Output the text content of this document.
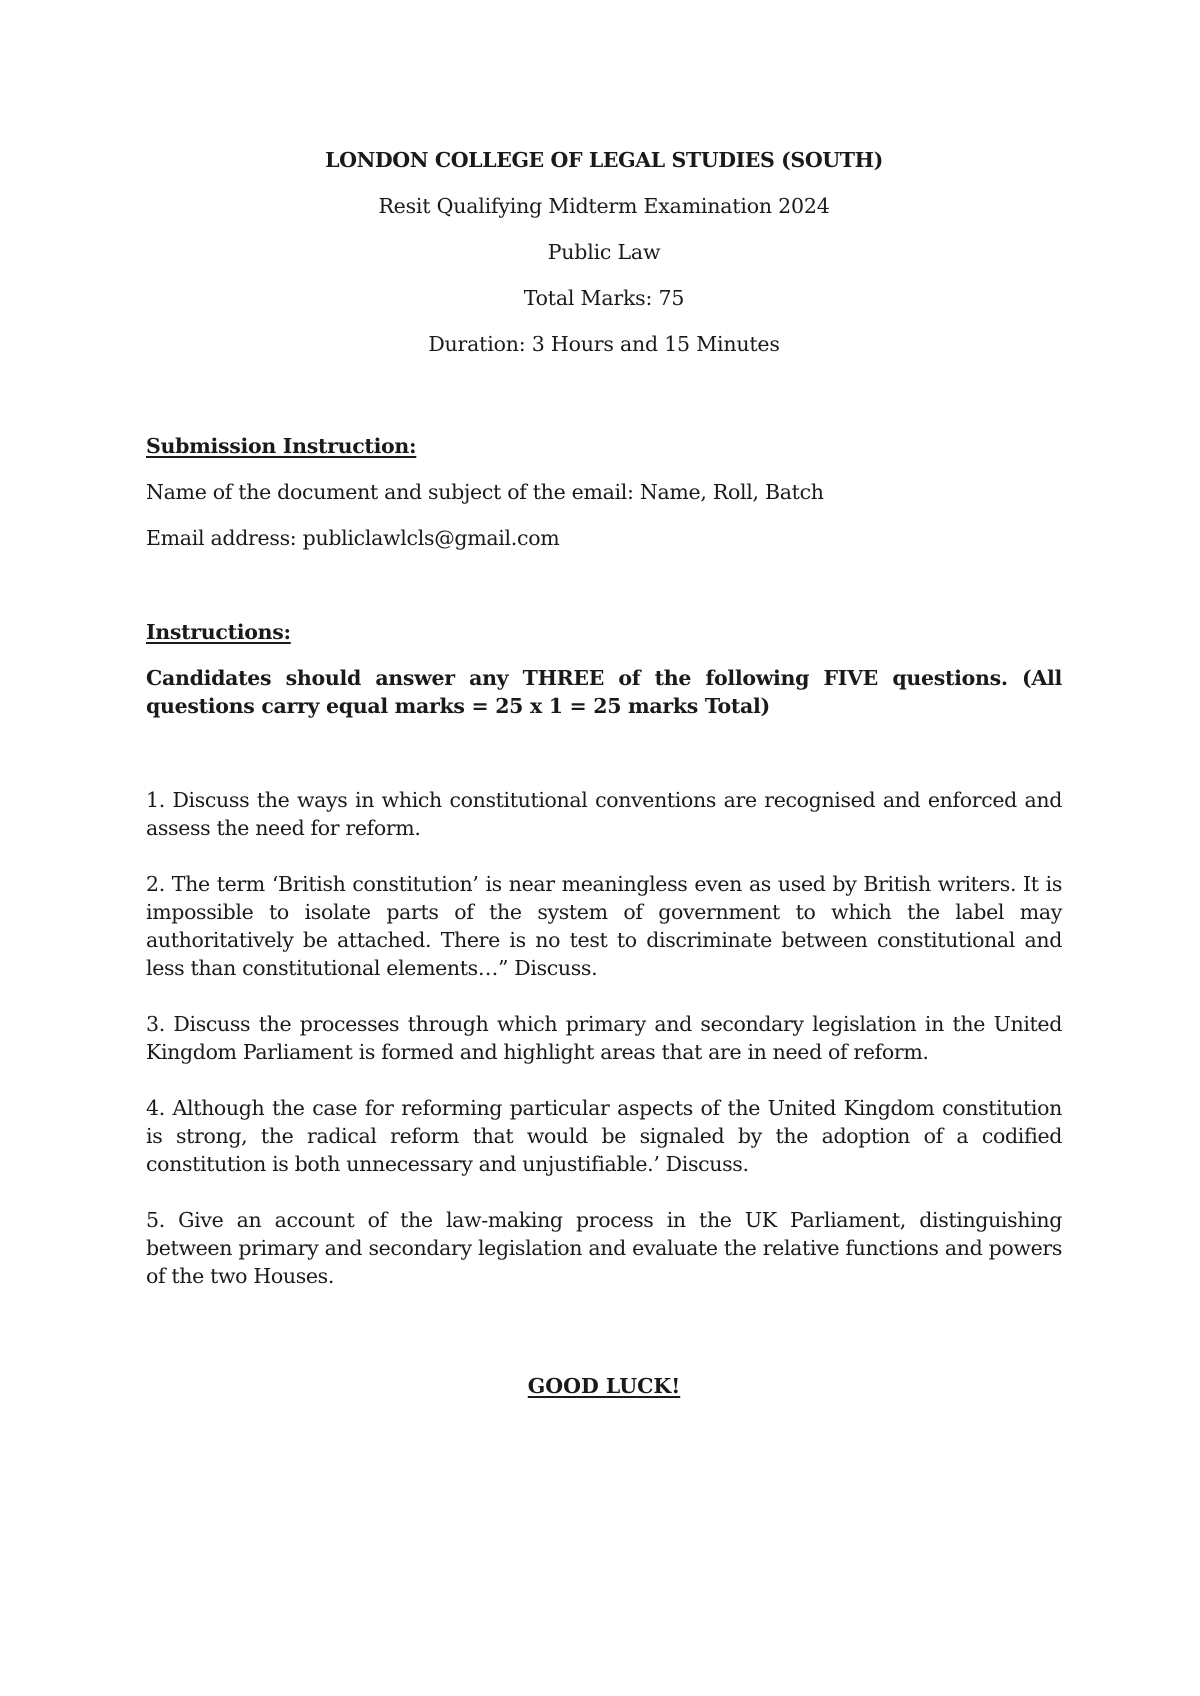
LONDON COLLEGE OF LEGAL STUDIES (SOUTH)
Resit Qualifying Midterm Examination 2024
Public Law
Total Marks: 75
Duration: 3 Hours and 15 Minutes
Submission Instruction:
Name of the document and subject of the email: Name, Roll, Batch
Email address: publiclawlcls@gmail.com
Instructions:
Candidates should answer any THREE of the following FIVE questions. (All questions carry equal marks = 25 x 1 = 25 marks Total)
1. Discuss the ways in which constitutional conventions are recognised and enforced and assess the need for reform.
2. The term ‘British constitution’ is near meaningless even as used by British writers. It is impossible to isolate parts of the system of government to which the label may authoritatively be attached. There is no test to discriminate between constitutional and less than constitutional elements…” Discuss.
3. Discuss the processes through which primary and secondary legislation in the United Kingdom Parliament is formed and highlight areas that are in need of reform.
4. Although the case for reforming particular aspects of the United Kingdom constitution is strong, the radical reform that would be signaled by the adoption of a codified constitution is both unnecessary and unjustifiable.’ Discuss.
5. Give an account of the law-making process in the UK Parliament, distinguishing between primary and secondary legislation and evaluate the relative functions and powers of the two Houses.
GOOD LUCK!
